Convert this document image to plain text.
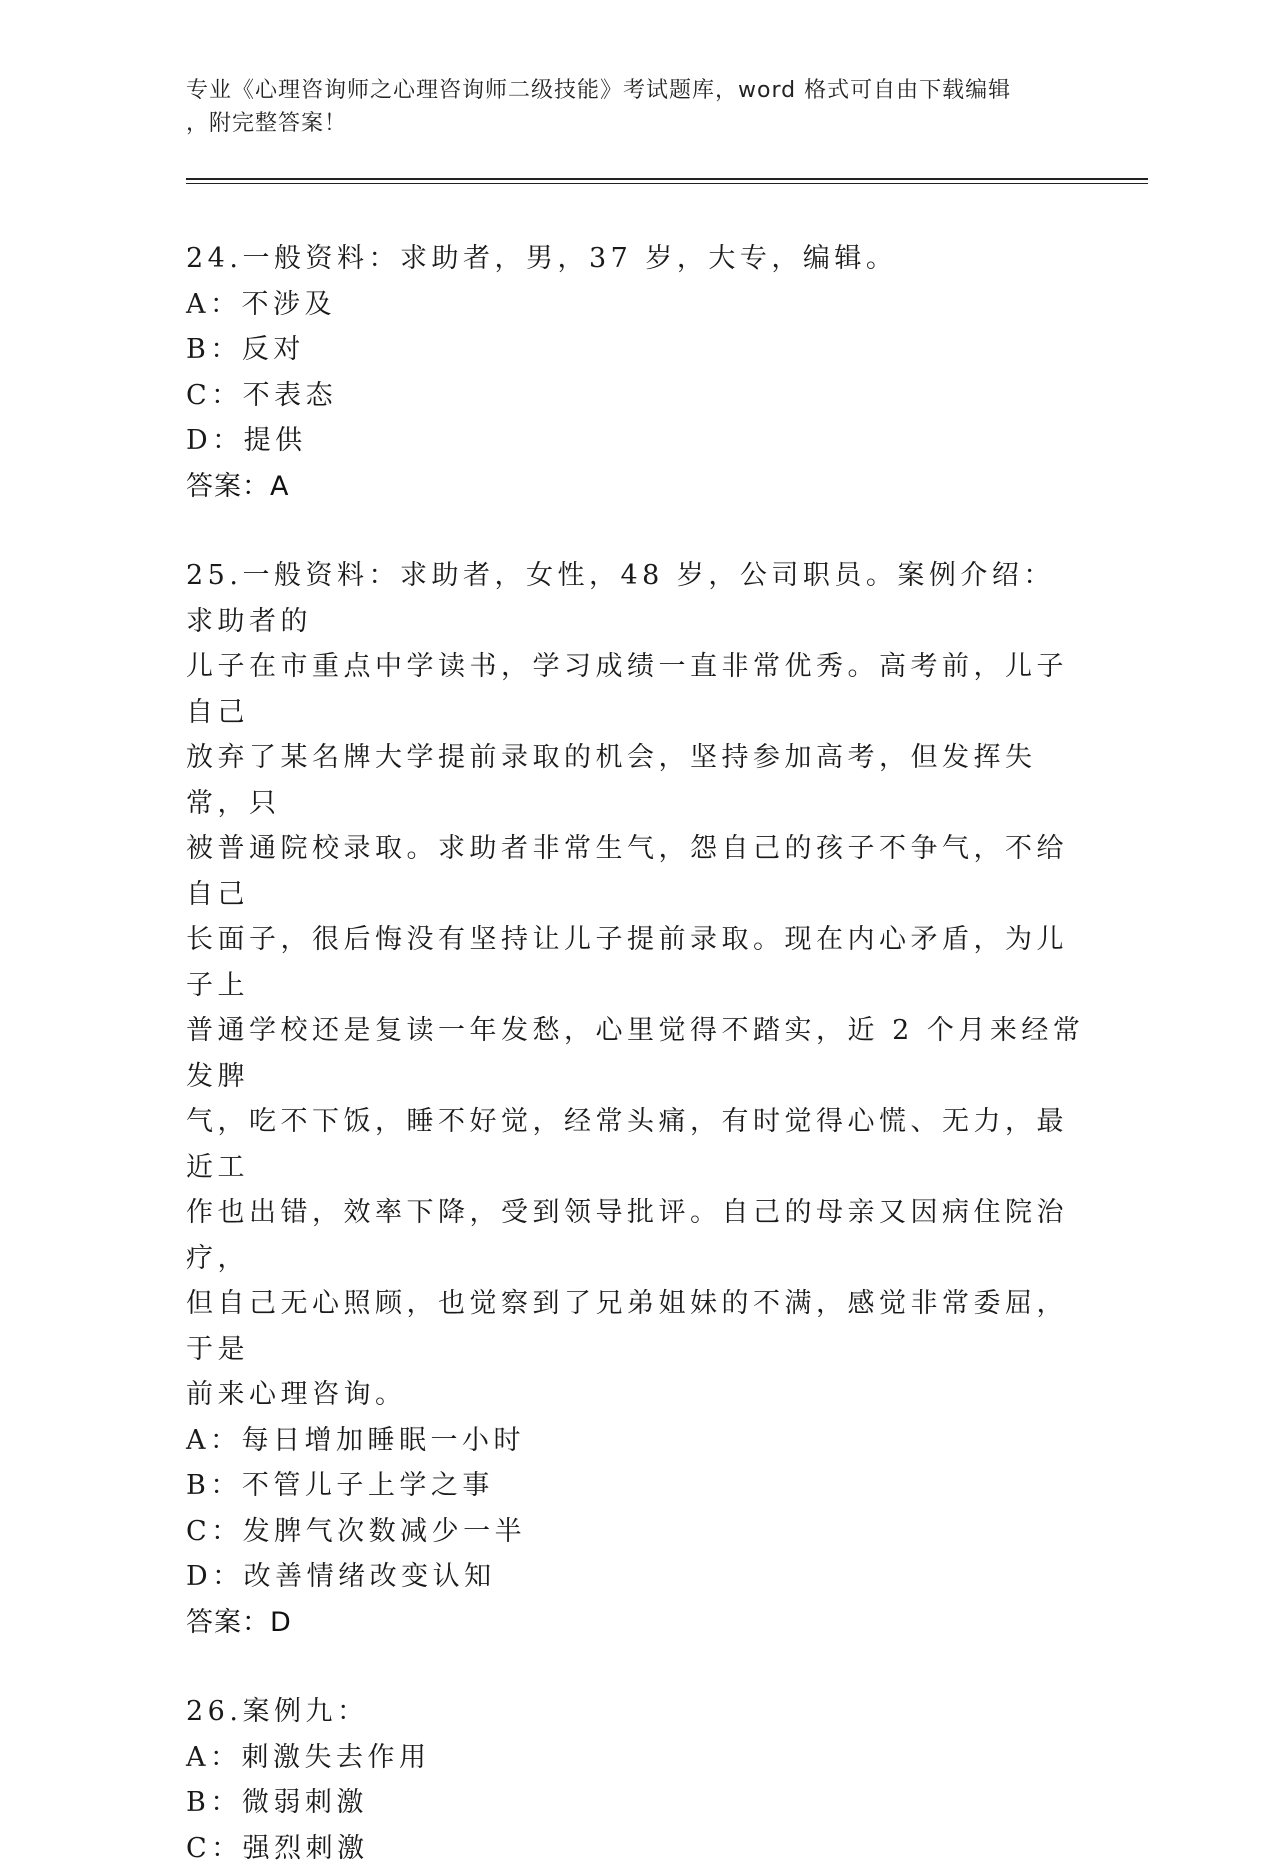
专业《心理咨询师之心理咨询师二级技能》考试题库，word 格式可自由下载编辑
，附完整答案！

24.一般资料：求助者，男，37 岁，大专，编辑。

A：不涉及

B：反对

C：不表态

D：提供

答案：A

25.一般资料：求助者，女性，48 岁，公司职员。案例介绍：求助者的

儿子在市重点中学读书，学习成绩一直非常优秀。高考前，儿子自己

放弃了某名牌大学提前录取的机会，坚持参加高考，但发挥失常，只

被普通院校录取。求助者非常生气，怨自己的孩子不争气，不给自己

长面子，很后悔没有坚持让儿子提前录取。现在内心矛盾，为儿子上

普通学校还是复读一年发愁，心里觉得不踏实，近 2 个月来经常发脾

气，吃不下饭，睡不好觉，经常头痛，有时觉得心慌、无力，最近工

作也出错，效率下降，受到领导批评。自己的母亲又因病住院治疗，

但自己无心照顾，也觉察到了兄弟姐妹的不满，感觉非常委屈，于是

前来心理咨询。

A：每日增加睡眠一小时

B：不管儿子上学之事

C：发脾气次数减少一半

D：改善情绪改变认知

答案：D

26.案例九：

A：刺激失去作用

B：微弱刺激

C：强烈刺激
